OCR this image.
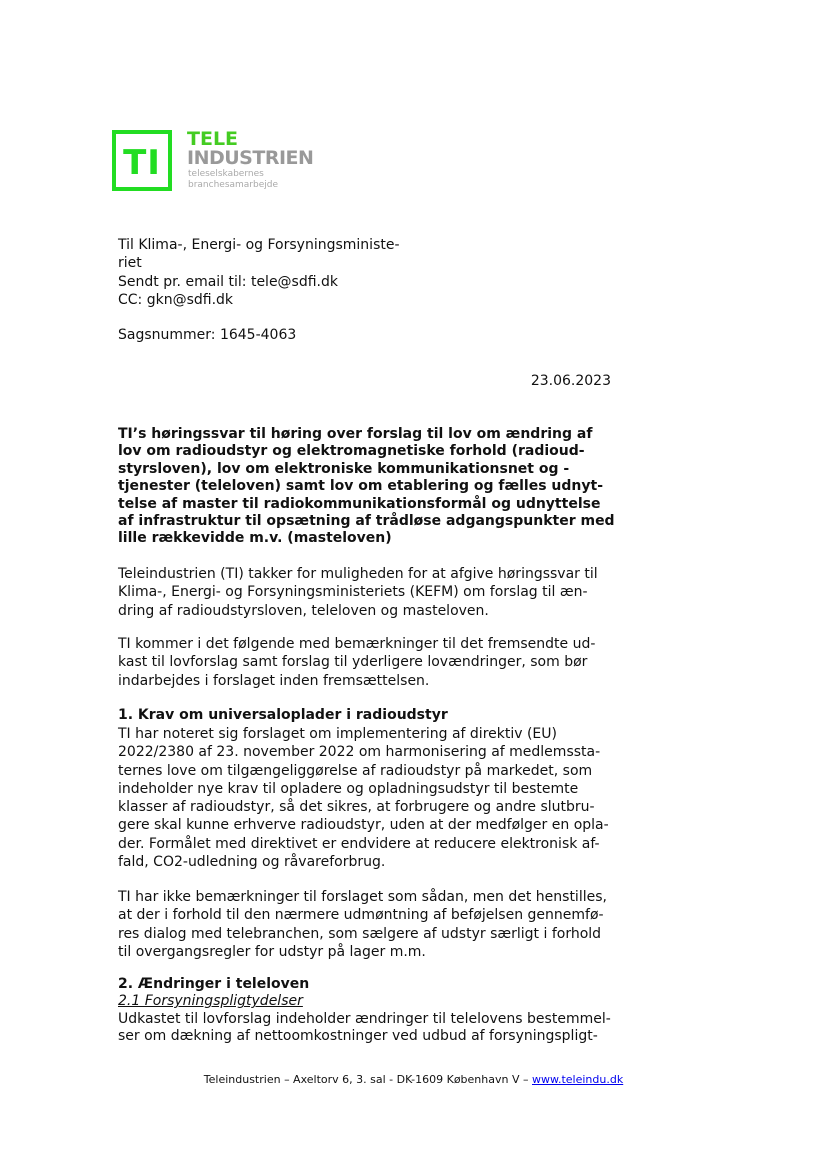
TI
TELE
INDUSTRIEN
teleselskabernes
branchesamarbejde
Til Klima-, Energi- og Forsyningsministe-
riet
Sendt pr. email til: tele@sdfi.dk
CC: gkn@sdfi.dk
Sagsnummer: 1645-4063
23.06.2023
TI’s høringssvar til høring over forslag til lov om ændring af
lov om radioudstyr og elektromagnetiske forhold (radioud-
styrsloven), lov om elektroniske kommunikationsnet og -
tjenester (teleloven) samt lov om etablering og fælles udnyt-
telse af master til radiokommunikationsformål og udnyttelse
af infrastruktur til opsætning af trådløse adgangspunkter med
lille rækkevidde m.v. (masteloven)
Teleindustrien (TI) takker for muligheden for at afgive høringssvar til
Klima-, Energi- og Forsyningsministeriets (KEFM) om forslag til æn-
dring af radioudstyrsloven, teleloven og masteloven.
TI kommer i det følgende med bemærkninger til det fremsendte ud-
kast til lovforslag samt forslag til yderligere lovændringer, som bør
indarbejdes i forslaget inden fremsættelsen.
1. Krav om universaloplader i radioudstyr
TI har noteret sig forslaget om implementering af direktiv (EU)
2022/2380 af 23. november 2022 om harmonisering af medlemssta-
ternes love om tilgængeliggørelse af radioudstyr på markedet, som
indeholder nye krav til opladere og opladningsudstyr til bestemte
klasser af radioudstyr, så det sikres, at forbrugere og andre slutbru-
gere skal kunne erhverve radioudstyr, uden at der medfølger en opla-
der. Formålet med direktivet er endvidere at reducere elektronisk af-
fald, CO2-udledning og råvareforbrug.
TI har ikke bemærkninger til forslaget som sådan, men det henstilles,
at der i forhold til den nærmere udmøntning af beføjelsen gennemfø-
res dialog med telebranchen, som sælgere af udstyr særligt i forhold
til overgangsregler for udstyr på lager m.m.
2. Ændringer i teleloven
2.1 Forsyningspligtydelser
Udkastet til lovforslag indeholder ændringer til telelovens bestemmel-
ser om dækning af nettoomkostninger ved udbud af forsyningspligt-
Teleindustrien – Axeltorv 6, 3. sal - DK-1609 København V – www.teleindu.dk
